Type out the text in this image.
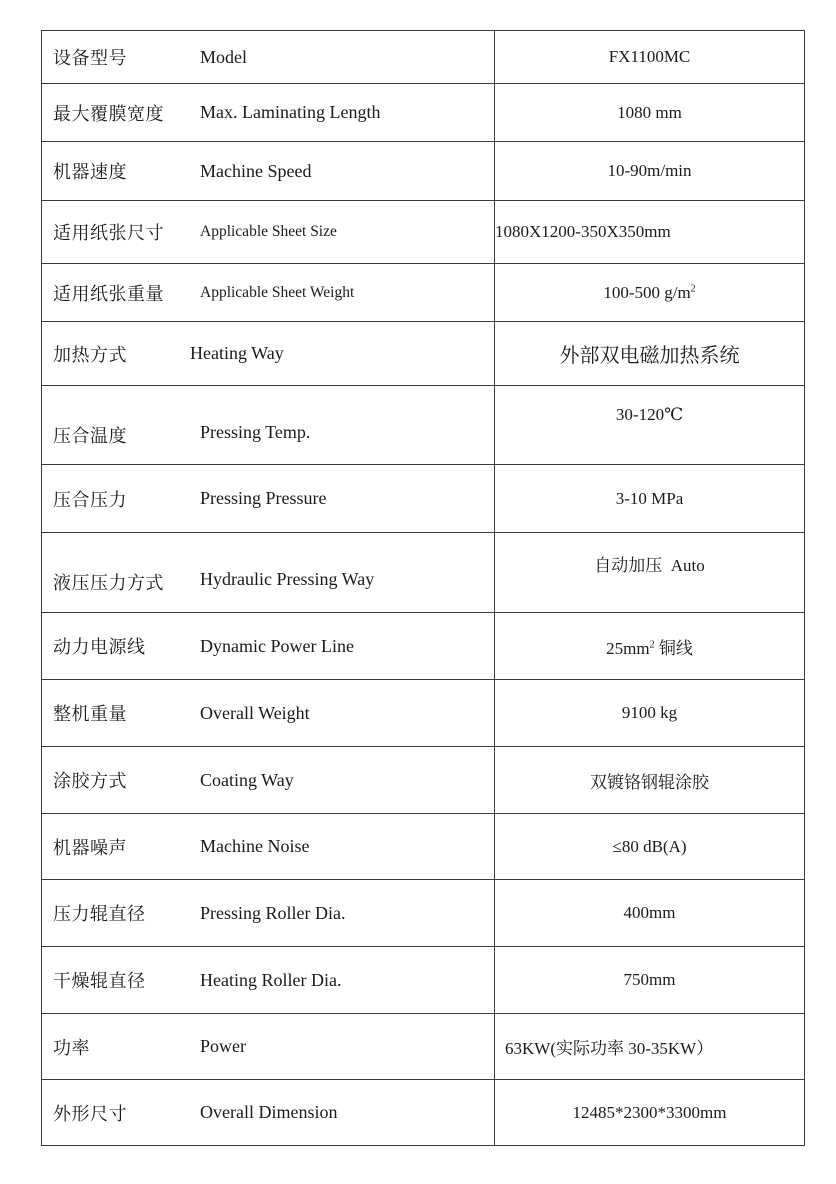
设备型号 Model	FX1100MC

最大覆膜宽度 Max. Laminating Length	1080 mm

机器速度 Machine Speed	10-90m/min

适用纸张尺寸 Applicable Sheet Size	1080X1200-350X350mm

适用纸张重量 Applicable Sheet Weight	100-500 $g/m^2$

加热方式 Heating Way	外部双电磁加热系统

压合温度 Pressing Temp.	30-120℃

压合压力 Pressing Pressure	3-10 MPa

液压压力方式 Hydraulic Pressing Way	自动加压  Auto

动力电源线 Dynamic Power Line	$25mm^2$ 铜线

整机重量 Overall Weight	9100 kg

涂胶方式 Coating Way	双镀铬钢辊涂胶

机器噪声 Machine Noise	≤80 dB(A)

压力辊直径 Pressing Roller Dia.	400mm

干燥辊直径 Heating Roller Dia.	750mm

功率 Power	63KW(实际功率 30-35KW）

外形尺寸 Overall Dimension	12485*2300*3300mm
